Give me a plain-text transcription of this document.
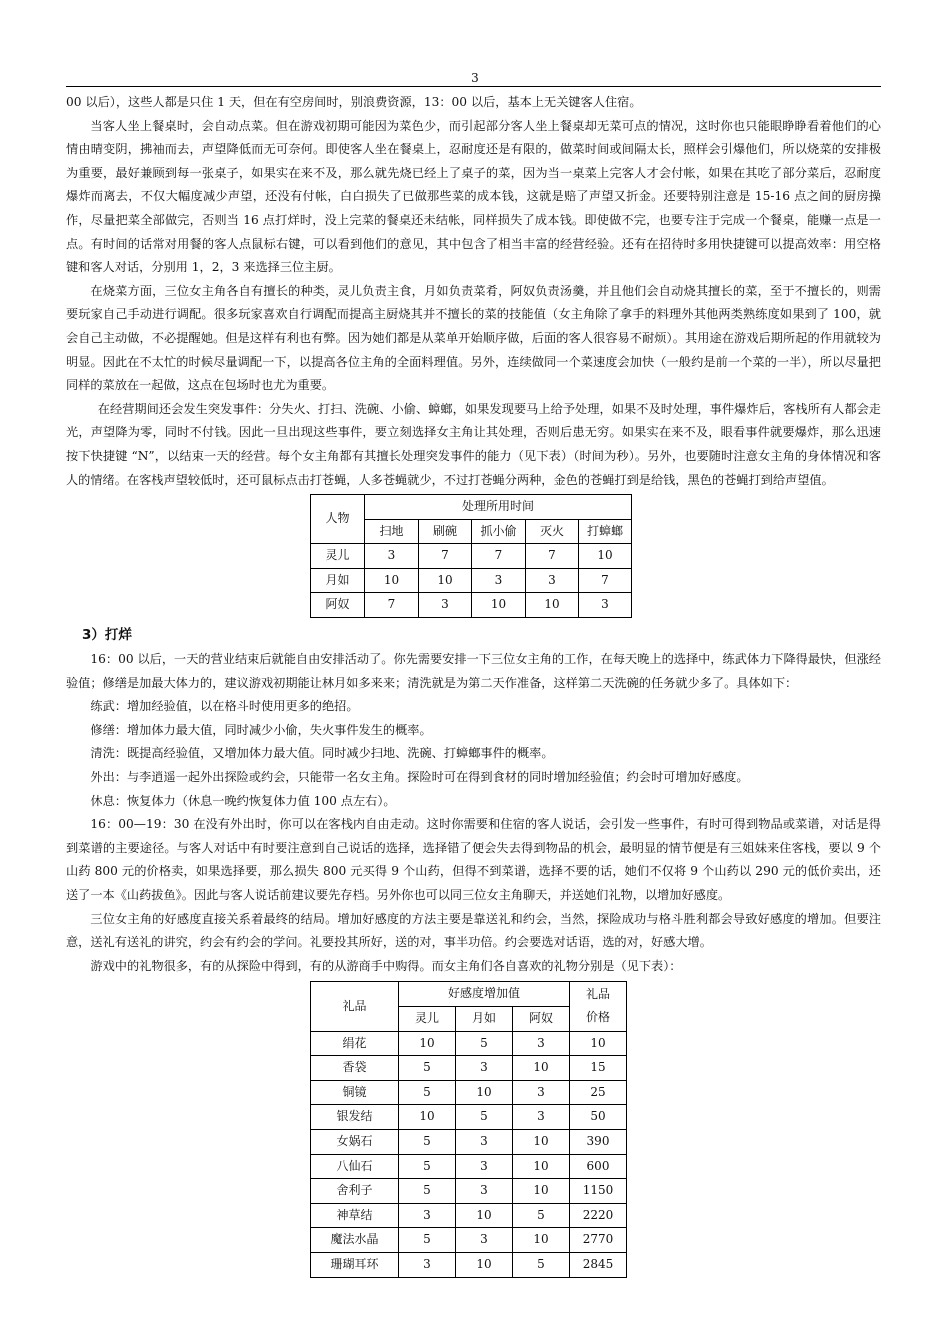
3

00 以后），这些人都是只住 1 天，但在有空房间时，别浪费资源，13：00 以后，基本上无关键客人住宿。

当客人坐上餐桌时，会自动点菜。但在游戏初期可能因为菜色少，而引起部分客人坐上餐桌却无菜可点的情况，这时你也只能眼睁睁看着他们的心情由晴变阴，拂袖而去，声望降低而无可奈何。即使客人坐在餐桌上，忍耐度还是有限的，做菜时间或间隔太长，照样会引爆他们，所以烧菜的安排极为重要，最好兼顾到每一张桌子，如果实在来不及，那么就先烧已经上了桌子的菜，因为当一桌菜上完客人才会付帐，如果在其吃了部分菜后，忍耐度爆炸而离去，不仅大幅度减少声望，还没有付帐，白白损失了已做那些菜的成本钱，这就是赔了声望又折金。还要特别注意是 15-16 点之间的厨房操作，尽量把菜全部做完，否则当 16 点打烊时，没上完菜的餐桌还未结帐，同样损失了成本钱。即使做不完，也要专注于完成一个餐桌，能赚一点是一点。有时间的话常对用餐的客人点鼠标右键，可以看到他们的意见，其中包含了相当丰富的经营经验。还有在招待时多用快捷键可以提高效率：用空格键和客人对话，分别用 1，2，3 来选择三位主厨。

在烧菜方面，三位女主角各自有擅长的种类，灵儿负责主食，月如负责菜肴，阿奴负责汤羹，并且他们会自动烧其擅长的菜，至于不擅长的，则需要玩家自己手动进行调配。很多玩家喜欢自行调配而提高主厨烧其并不擅长的菜的技能值（女主角除了拿手的料理外其他两类熟练度如果到了 100，就会自己主动做，不必提醒她。但是这样有利也有弊。因为她们都是从菜单开始顺序做，后面的客人很容易不耐烦）。其用途在游戏后期所起的作用就较为明显。因此在不太忙的时候尽量调配一下，以提高各位主角的全面料理值。另外，连续做同一个菜速度会加快（一般约是前一个菜的一半），所以尽量把同样的菜放在一起做，这点在包场时也尤为重要。

在经营期间还会发生突发事件：分失火、打扫、洗碗、小偷、蟑螂，如果发现要马上给予处理，如果不及时处理，事件爆炸后，客栈所有人都会走光，声望降为零，同时不付钱。因此一旦出现这些事件，要立刻选择女主角让其处理，否则后患无穷。如果实在来不及，眼看事件就要爆炸，那么迅速按下快捷键 “N”，以结束一天的经营。每个女主角都有其擅长处理突发事件的能力（见下表）（时间为秒）。另外，也要随时注意女主角的身体情况和客人的情绪。在客栈声望较低时，还可鼠标点击打苍蝇，人多苍蝇就少，不过打苍蝇分两种，金色的苍蝇打到是给钱，黑色的苍蝇打到给声望值。

人物	处理所用时间				
	扫地	刷碗	抓小偷	灭火	打蟑螂
灵儿	3	7	7	7	10
月如	10	10	3	3	7
阿奴	7	3	10	10	3

3）打烊

16：00 以后，一天的营业结束后就能自由安排活动了。你先需要安排一下三位女主角的工作，在每天晚上的选择中，练武体力下降得最快，但涨经验值；修缮是加最大体力的，建议游戏初期能让林月如多来来；清洗就是为第二天作准备，这样第二天洗碗的任务就少多了。具体如下：

练武：增加经验值，以在格斗时使用更多的绝招。

修缮：增加体力最大值，同时减少小偷，失火事件发生的概率。

清洗：既提高经验值，又增加体力最大值。同时减少扫地、洗碗、打蟑螂事件的概率。

外出：与李逍遥一起外出探险或约会，只能带一名女主角。探险时可在得到食材的同时增加经验值；约会时可增加好感度。

休息：恢复体力（休息一晚约恢复体力值 100 点左右）。

16：00—19：30 在没有外出时，你可以在客栈内自由走动。这时你需要和住宿的客人说话，会引发一些事件，有时可得到物品或菜谱，对话是得到菜谱的主要途径。与客人对话中有时要注意到自己说话的选择，选择错了便会失去得到物品的机会，最明显的情节便是有三姐妹来住客栈，要以 9 个山药 800 元的价格卖，如果选择要，那么损失 800 元买得 9 个山药，但得不到菜谱，选择不要的话，她们不仅将 9 个山药以 290 元的低价卖出，还送了一本《山药拔鱼》。因此与客人说话前建议要先存档。另外你也可以同三位女主角聊天，并送她们礼物，以增加好感度。

三位女主角的好感度直接关系着最终的结局。增加好感度的方法主要是靠送礼和约会，当然，探险成功与格斗胜利都会导致好感度的增加。但要注意，送礼有送礼的讲究，约会有约会的学问。礼要投其所好，送的对，事半功倍。约会要选对话语，选的对，好感大增。

游戏中的礼物很多，有的从探险中得到，有的从游商手中购得。而女主角们各自喜欢的礼物分别是（见下表）：

礼品	好感度增加值			礼品
价格
	灵儿	月如	阿奴	
绢花	10	5	3	10
香袋	5	3	10	15
铜镜	5	10	3	25
银发结	10	5	3	50
女娲石	5	3	10	390
八仙石	5	3	10	600
舍利子	5	3	10	1150
神草结	3	10	5	2220
魔法水晶	5	3	10	2770
珊瑚耳环	3	10	5	2845
